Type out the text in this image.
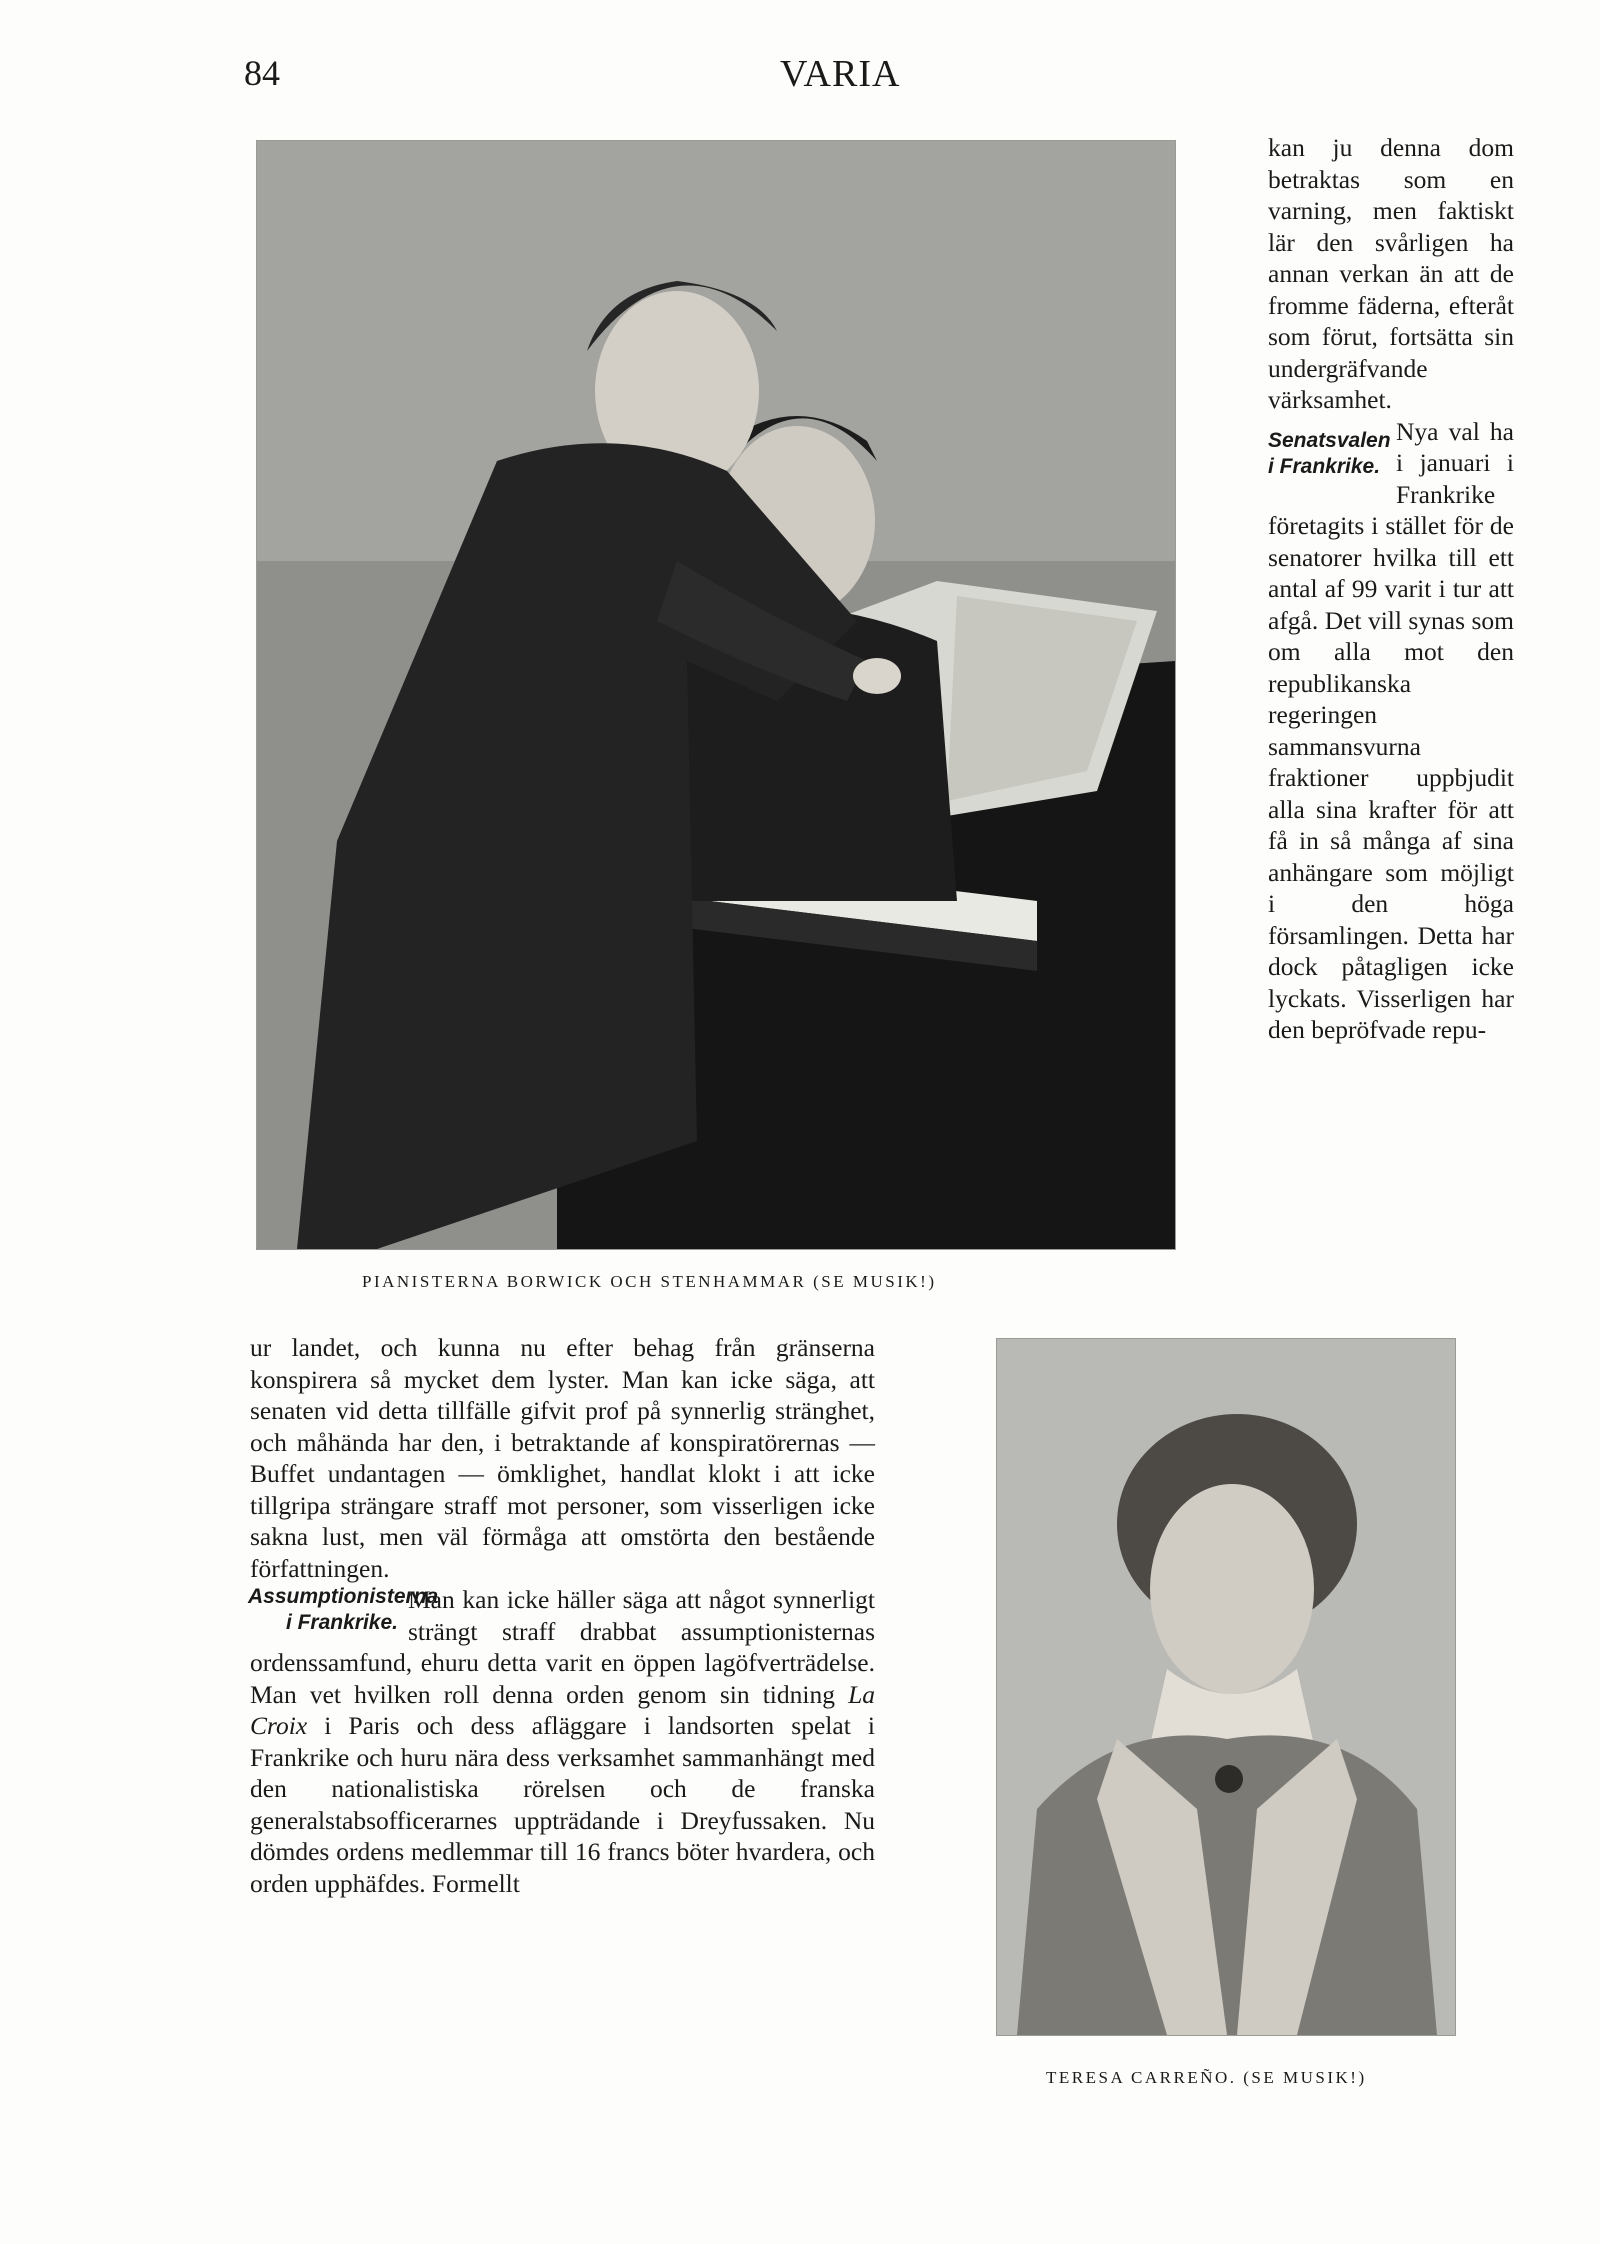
84	VARIA
PIANISTERNA BORWICK OCH STENHAMMAR (SE MUSIK!)

kan ju denna dom betraktas som en varning, men faktiskt lär den svårligen ha annan verkan än att de fromme fäderna, efteråt som förut, fortsätta sin undergräfvande värksamhet.

Senatsvalen i Frankrike.

Nya val ha i januari i Frankrike företagits i stället för de senatorer hvilka till ett antal af 99 varit i tur att afgå. Det vill synas som om alla mot den republikanska regeringen sammansvurna fraktioner uppbjudit alla sina krafter för att få in så många af sina anhängare som möjligt i den höga församlingen. Detta har dock påtagligen icke lyckats. Visserligen har den bepröfvade repu-

ur landet, och kunna nu efter behag från gränserna konspirera så mycket dem lyster. Man kan icke säga, att senaten vid detta tillfälle gifvit prof på synnerlig stränghet, och måhända har den, i betraktande af konspiratörernas — Buffet undantagen — ömklighet, handlat klokt i att icke tillgripa strängare straff mot personer, som visserligen icke sakna lust, men väl förmåga att omstörta den bestående författningen.

Assumptionisterna i Frankrike.

Man kan icke häller säga att något synnerligt strängt straff drabbat assumptionisternas ordenssamfund, ehuru detta varit en öppen lagöfverträdelse. Man vet hvilken roll denna orden genom sin tidning La Croix i Paris och dess afläggare i landsorten spelat i Frankrike och huru nära dess verksamhet sammanhängt med den nationalistiska rörelsen och de franska generalstabsofficerarnes uppträdande i Dreyfussaken. Nu dömdes ordens medlemmar till 16 francs böter hvardera, och orden upphäfdes. Formellt

TERESA CARREÑO. (SE MUSIK!)
